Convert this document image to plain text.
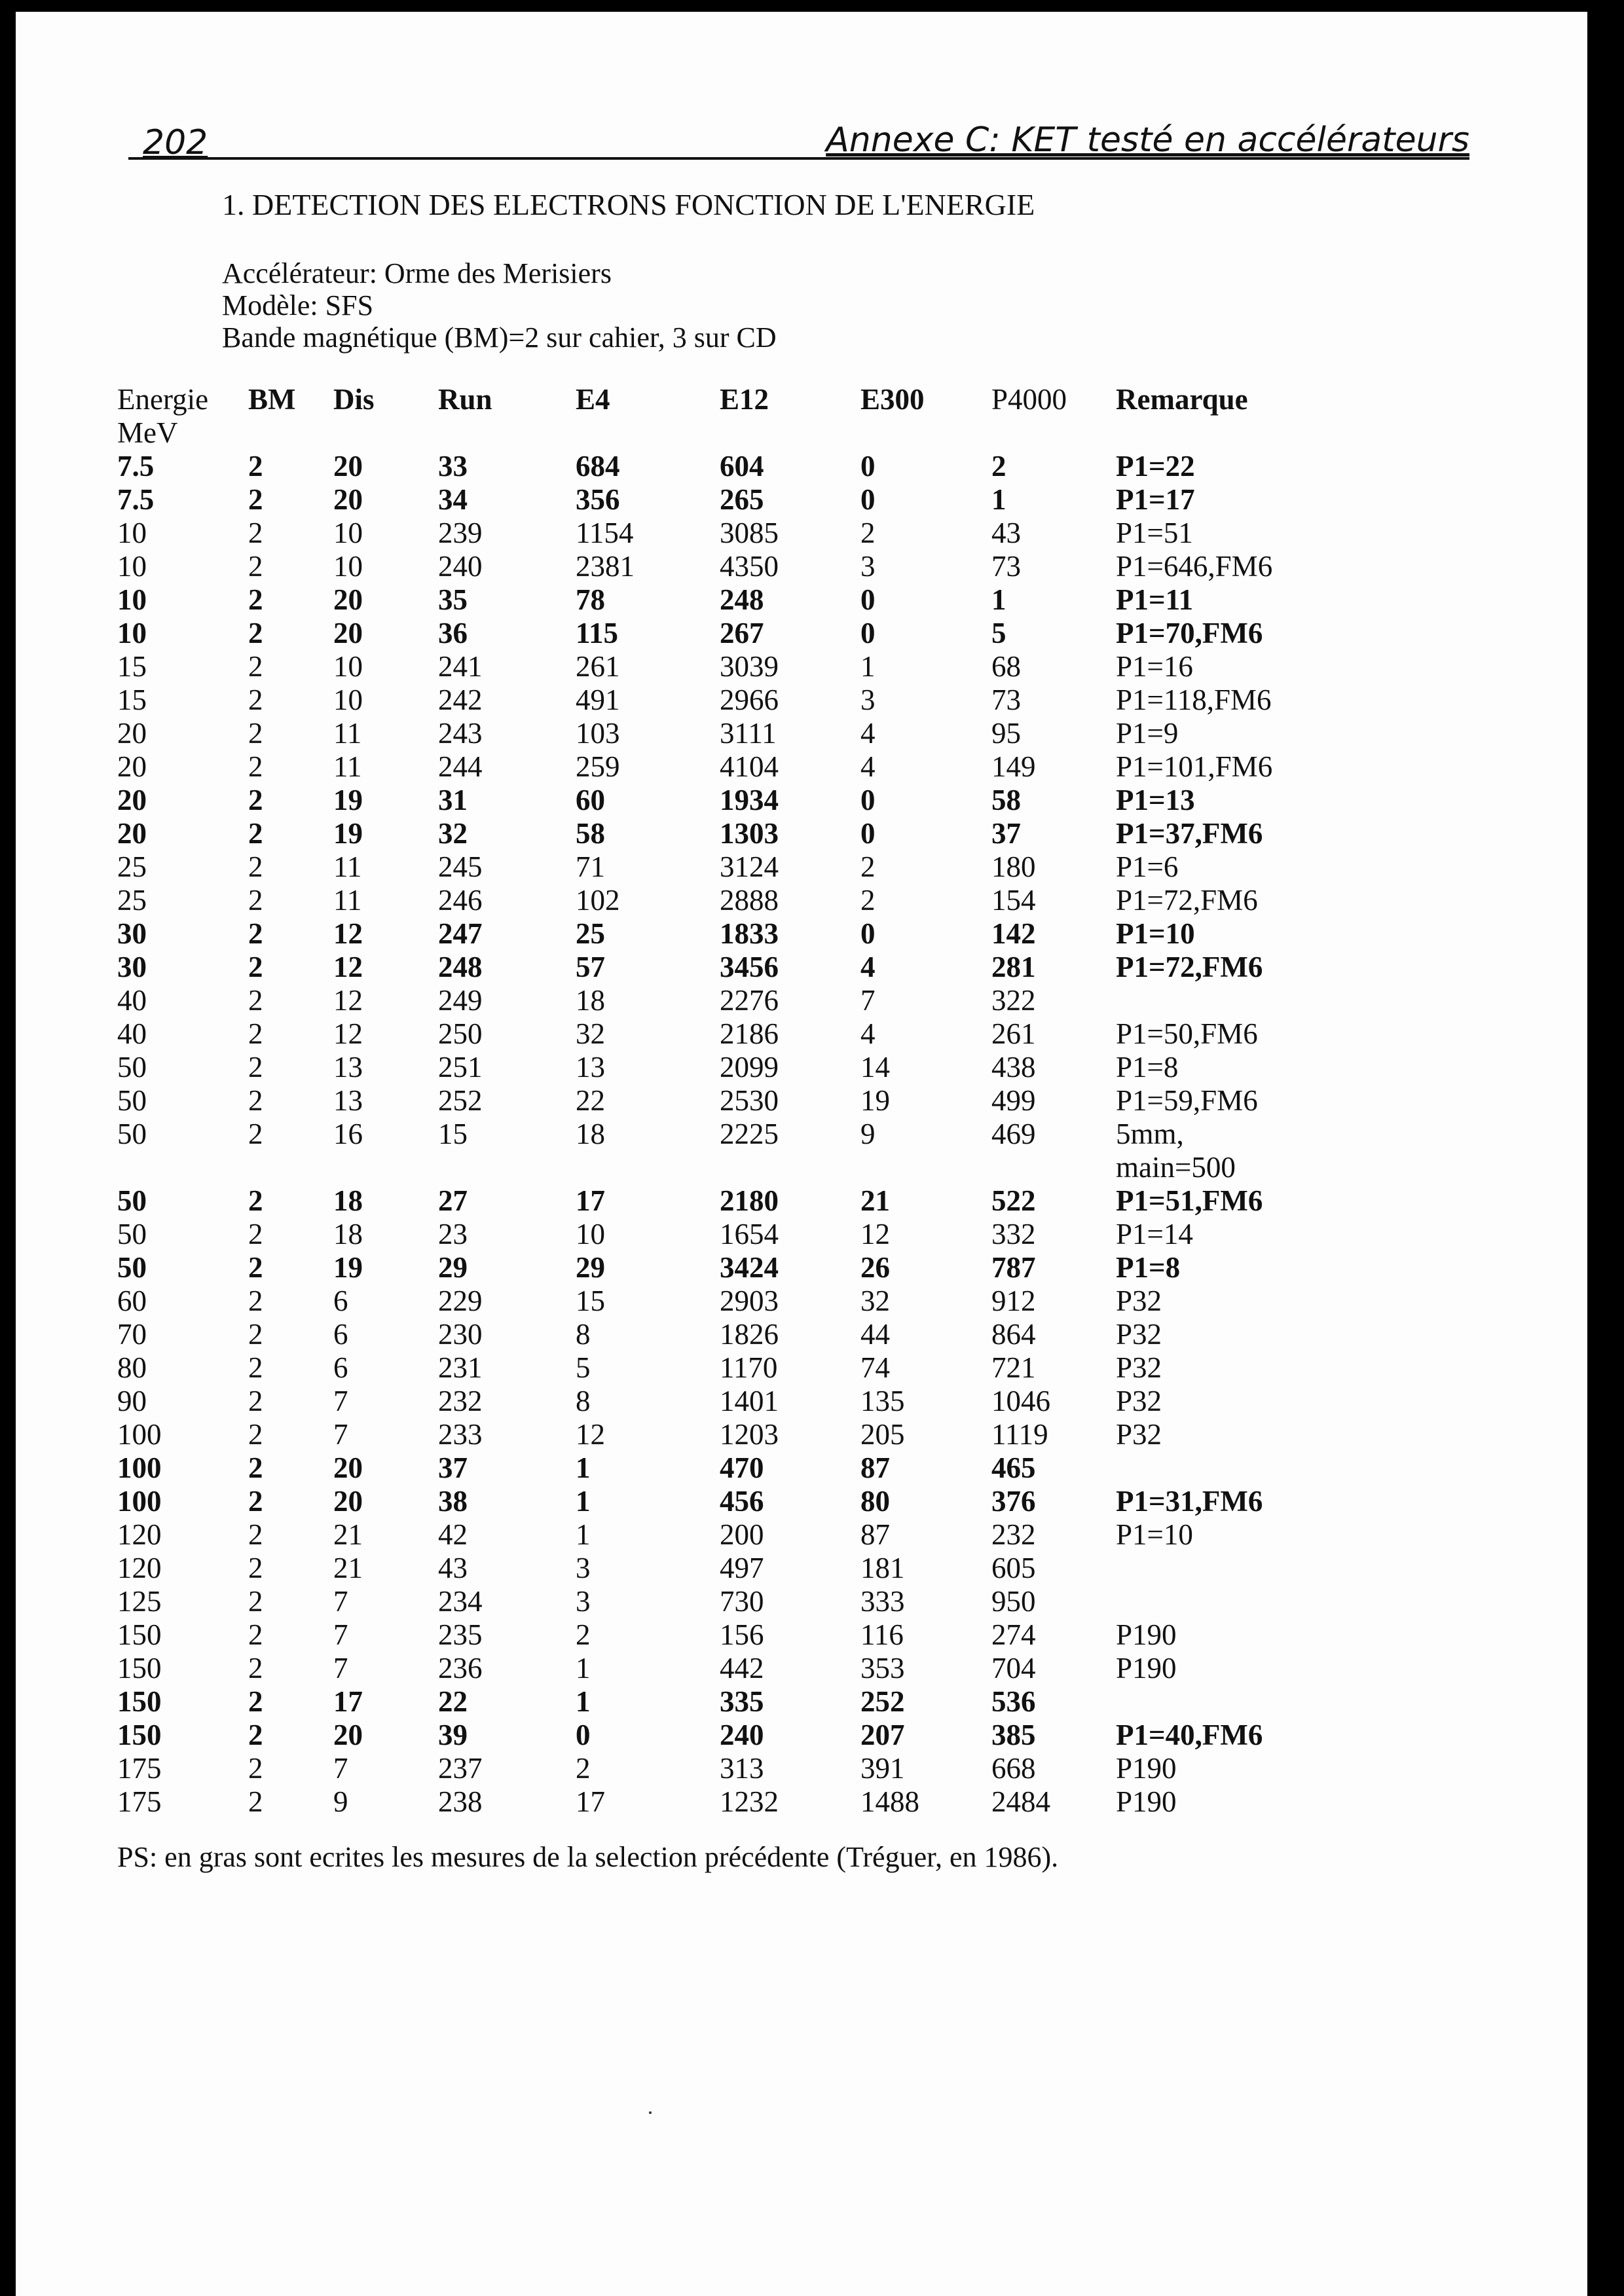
202	Annexe C: KET testé en accélérateurs
1. DETECTION DES ELECTRONS FONCTION DE L'ENERGIE
Accélérateur: Orme des Merisiers
Modèle: SFS
Bande magnétique (BM)=2 sur cahier, 3 sur CD
Energie
MeV	BM	Dis	Run	E4	E12	E300	P4000	Remarque
7.5	2	20	33	684	604	0	2	P1=22
7.5	2	20	34	356	265	0	1	P1=17
10	2	10	239	1154	3085	2	43	P1=51
10	2	10	240	2381	4350	3	73	P1=646,FM6
10	2	20	35	78	248	0	1	P1=11
10	2	20	36	115	267	0	5	P1=70,FM6
15	2	10	241	261	3039	1	68	P1=16
15	2	10	242	491	2966	3	73	P1=118,FM6
20	2	11	243	103	3111	4	95	P1=9
20	2	11	244	259	4104	4	149	P1=101,FM6
20	2	19	31	60	1934	0	58	P1=13
20	2	19	32	58	1303	0	37	P1=37,FM6
25	2	11	245	71	3124	2	180	P1=6
25	2	11	246	102	2888	2	154	P1=72,FM6
30	2	12	247	25	1833	0	142	P1=10
30	2	12	248	57	3456	4	281	P1=72,FM6
40	2	12	249	18	2276	7	322	
40	2	12	250	32	2186	4	261	P1=50,FM6
50	2	13	251	13	2099	14	438	P1=8
50	2	13	252	22	2530	19	499	P1=59,FM6
50	2	16	15	18	2225	9	469	5mm,
main=500

50	2	18	27	17	2180	21	522	P1=51,FM6
50	2	18	23	10	1654	12	332	P1=14
50	2	19	29	29	3424	26	787	P1=8
60	2	6	229	15	2903	32	912	P32
70	2	6	230	8	1826	44	864	P32
80	2	6	231	5	1170	74	721	P32
90	2	7	232	8	1401	135	1046	P32
100	2	7	233	12	1203	205	1119	P32
100	2	20	37	1	470	87	465	
100	2	20	38	1	456	80	376	P1=31,FM6
120	2	21	42	1	200	87	232	P1=10
120	2	21	43	3	497	181	605	
125	2	7	234	3	730	333	950	
150	2	7	235	2	156	116	274	P190
150	2	7	236	1	442	353	704	P190
150	2	17	22	1	335	252	536	
150	2	20	39	0	240	207	385	P1=40,FM6
175	2	7	237	2	313	391	668	P190
175	2	9	238	17	1232	1488	2484	P190
PS: en gras sont ecrites les mesures de la selection précédente (Tréguer, en 1986).
